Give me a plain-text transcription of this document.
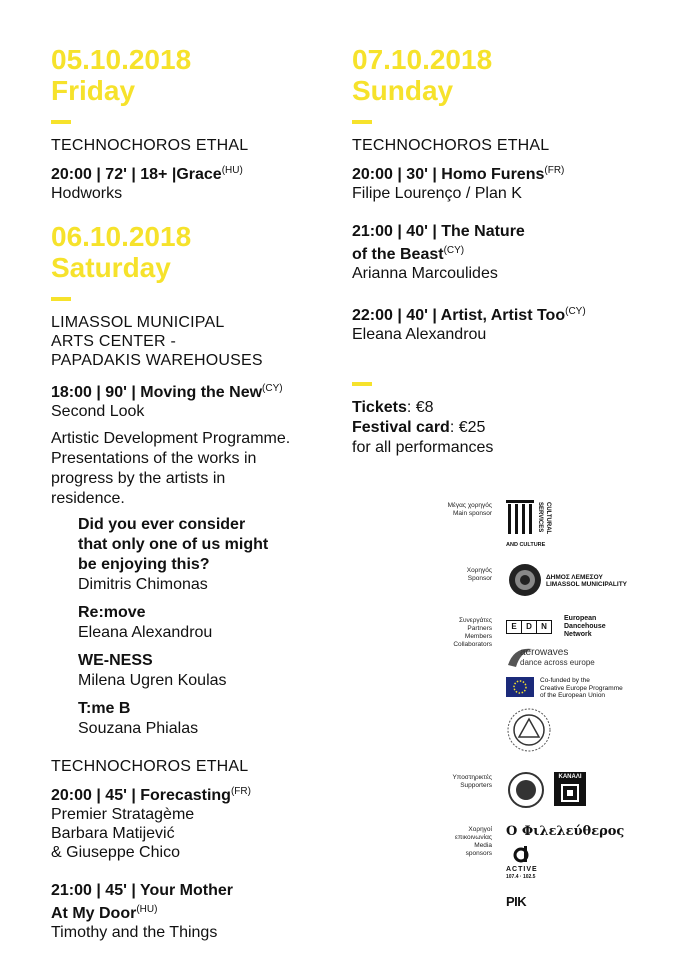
05.10.2018
Friday
TECHNOCHOROS ETHAL
20:00 | 72' | 18+ |Grace$^{(HU)}$
Hodworks
06.10.2018
Saturday
LIMASSOL MUNICIPAL
ARTS CENTER -
PAPADAKIS WAREHOUSES
18:00 | 90' | Moving the New$^{(CY)}$
Second Look
Artistic Development Programme.
Presentations of the works in
progress by the artists in
residence.
Did you ever consider
that only one of us might
be enjoying this?
Dimitris Chimonas
Re:move
Eleana Alexandrou
WE-NESS
Milena Ugren Koulas
T:me B
Souzana Phialas
TECHNOCHOROS ETHAL
20:00 | 45' | Forecasting$^{(FR)}$
Premier Stratagème
Barbara Matijević
& Giuseppe Chico
21:00 | 45' | Your Mother
At My Door$^{(HU)}$
Timothy and the Things
07.10.2018
Sunday
TECHNOCHOROS ETHAL
20:00 | 30' | Homo Furens$^{(FR)}$
Filipe Lourenço / Plan K
21:00 | 40' | The Nature
of the Beast$^{(CY)}$
Arianna Marcoulides
22:00 | 40' | Artist, Artist Too$^{(CY)}$
Eleana Alexandrou
Tickets: €8
Festival card: €25
for all performances
Μέγας χορηγός
Main sponsor	CULTURAL SERVICES
AND CULTURE
Χορηγός
Sponsor	ΔΗΜΟΣ ΛΕΜΕΣΟΥ
LIMASSOL MUNICIPALITY
Συνεργάτες
Partners
Members
Collaborators
E	D	N
European
Dancehouse
Network
aerowaves
dance across europe
Co-funded by the
Creative Europe Programme
of the European Union
Υποστηρικτές
Supporters
ΚΑΝΑΛΙ
Χορηγοί
επικοινωνίας
Media
sponsors
Ο Φιλελεύθερος
ACTIVE
107.4 · 102.5
ΡΙΚ
